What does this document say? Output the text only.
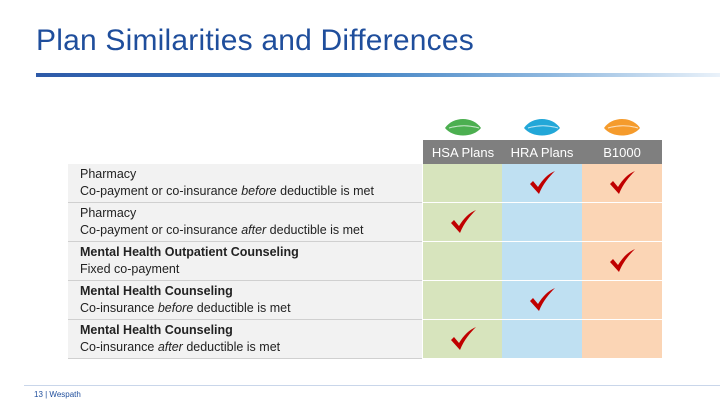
Plan Similarities and Differences
HSA Plans	HRA Plans	B1000
Pharmacy
Co-payment or co-insurance before deductible is met
Pharmacy
Co-payment or co-insurance after deductible is met
Mental Health Outpatient Counseling
Fixed co-payment
Mental Health Counseling
Co-insurance before deductible is met
Mental Health Counseling
Co-insurance after deductible is met
13 | Wespath
